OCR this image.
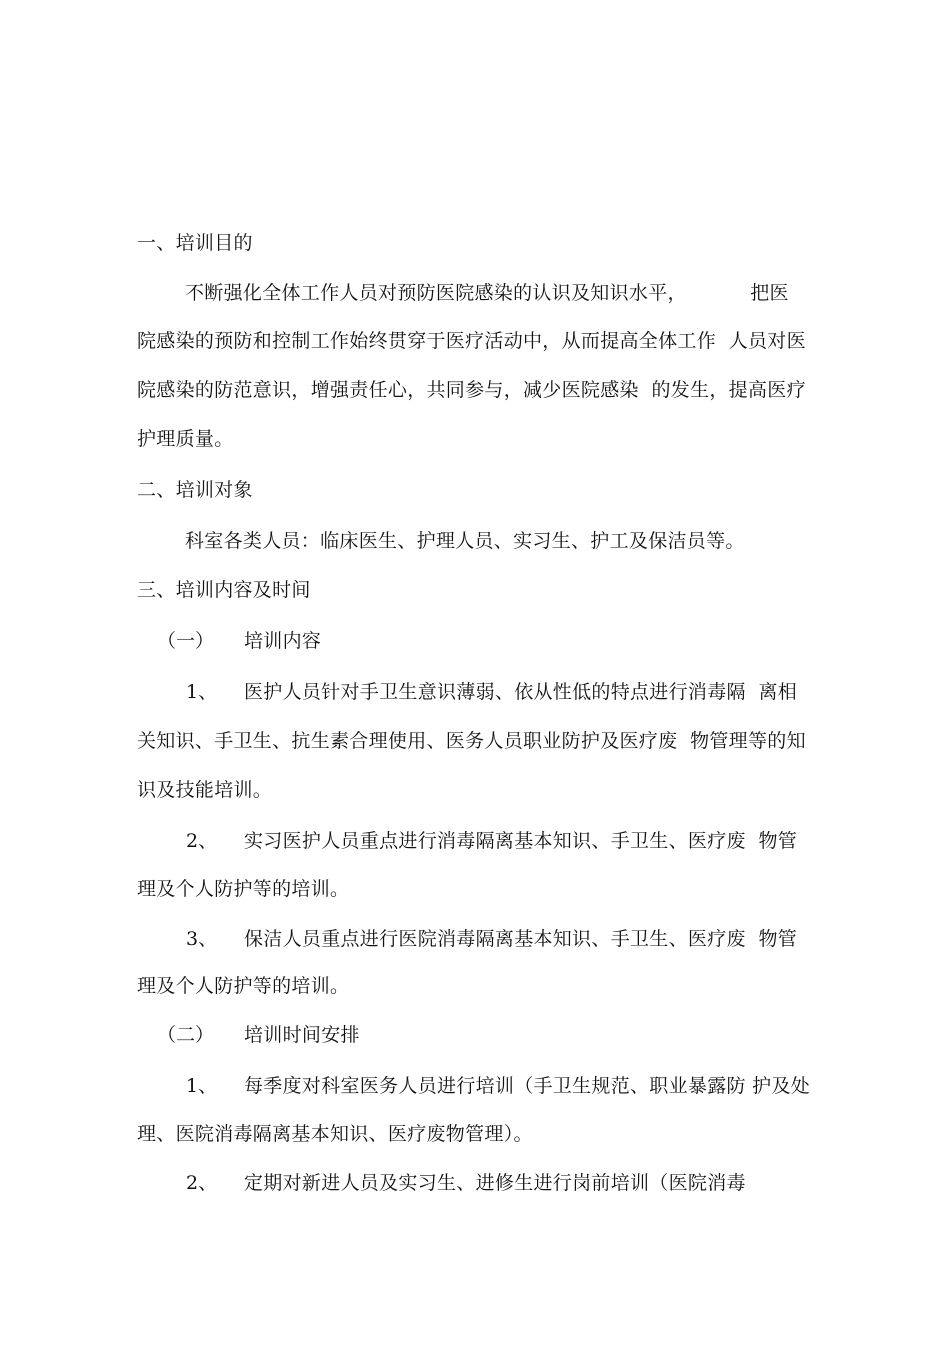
一、培训目的
不断强化全体工作人员对预防医院感染的认识及知识水平，          把医
院感染的预防和控制工作始终贯穿于医疗活动中，从而提高全体工作  人员对医
院感染的防范意识，增强责任心，共同参与，减少医院感染  的发生，提高医疗
护理质量。
二、培训对象
科室各类人员：临床医生、护理人员、实习生、护工及保洁员等。
三、培训内容及时间
（一） 培训内容
1、 医护人员针对手卫生意识薄弱、依从性低的特点进行消毒隔  离相
关知识、手卫生、抗生素合理使用、医务人员职业防护及医疗废  物管理等的知
识及技能培训。
2、 实习医护人员重点进行消毒隔离基本知识、手卫生、医疗废  物管
理及个人防护等的培训。
3、 保洁人员重点进行医院消毒隔离基本知识、手卫生、医疗废  物管
理及个人防护等的培训。
（二） 培训时间安排
1、 每季度对科室医务人员进行培训（手卫生规范、职业暴露防 护及处
理、医院消毒隔离基本知识、医疗废物管理）。
2、 定期对新进人员及实习生、进修生进行岗前培训（医院消毒
